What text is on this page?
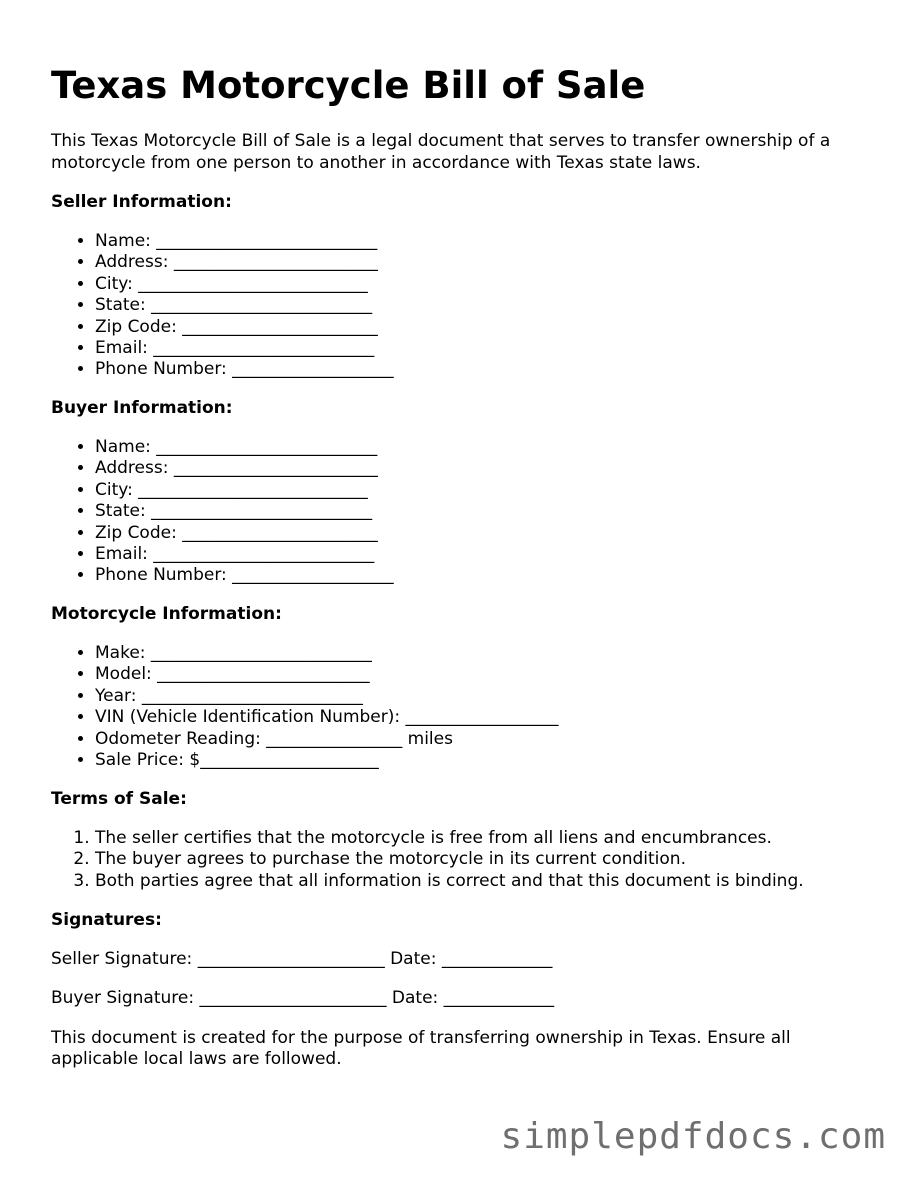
Texas Motorcycle Bill of Sale

This Texas Motorcycle Bill of Sale is a legal document that serves to transfer ownership of a motorcycle from one person to another in accordance with Texas state laws.

Seller Information:
• Name: __________________________
• Address: ________________________
• City: ___________________________
• State: __________________________
• Zip Code: _______________________
• Email: __________________________
• Phone Number: ___________________
Buyer Information:
• Name: __________________________
• Address: ________________________
• City: ___________________________
• State: __________________________
• Zip Code: _______________________
• Email: __________________________
• Phone Number: ___________________
Motorcycle Information:
• Make: __________________________
• Model: _________________________
• Year: __________________________
• VIN (Vehicle Identification Number): __________________
• Odometer Reading: ________________ miles
• Sale Price: $_____________________
Terms of Sale:
1. The seller certifies that the motorcycle is free from all liens and encumbrances.
2. The buyer agrees to purchase the motorcycle in its current condition.
3. Both parties agree that all information is correct and that this document is binding.
Signatures:

Seller Signature: ______________________ Date: _____________

Buyer Signature: ______________________ Date: _____________

This document is created for the purpose of transferring ownership in Texas. Ensure all applicable local laws are followed.

simplepdfdocs.com
